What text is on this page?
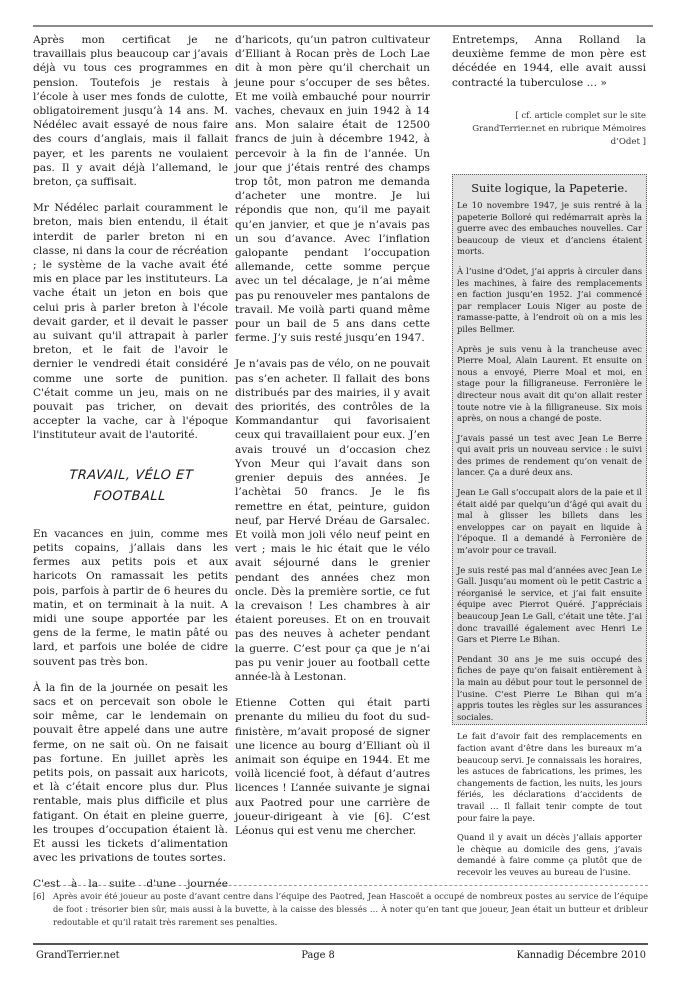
Après mon certificat je ne travaillais plus beaucoup car j’avais déjà vu tous ces programmes en pension. Toutefois je restais à l’école à user mes fonds de culotte, obligatoirement jusqu’à 14 ans. M. Nédélec avait essayé de nous faire des cours d’anglais, mais il fallait payer, et les parents ne voulaient pas. Il y avait déjà l’allemand, le breton, ça suffisait.

Mr Nédélec parlait couramment le breton, mais bien entendu, il était interdit de parler breton ni en classe, ni dans la cour de récréation ; le système de la vache avait été mis en place par les instituteurs. La vache était un jeton en bois que celui pris à parler breton à l'école devait garder, et il devait le passer au suivant qu'il attrapait à parler breton, et le fait de l'avoir le dernier le vendredi était considéré comme une sorte de punition. C'était comme un jeu, mais on ne pouvait pas tricher, on devait accepter la vache, car à l'époque l'instituteur avait de l'autorité.

TRAVAIL, VÉLO ET FOOTBALL

En vacances en juin, comme mes petits copains, j’allais dans les fermes aux petits pois et aux haricots On ramassait les petits pois, parfois à partir de 6 heures du matin, et on terminait à la nuit. A midi une soupe apportée par les gens de la ferme, le matin pâté ou lard, et parfois une bolée de cidre souvent pas très bon.

À la fin de la journée on pesait les sacs et on percevait son obole le soir même, car le lendemain on pouvait être appelé dans une autre ferme, on ne sait où. On ne faisait pas fortune. En juillet après les petits pois, on passait aux haricots, et là c’était encore plus dur. Plus rentable, mais plus difficile et plus fatigant. On était en pleine guerre, les troupes d’occupation étaient là. Et aussi les tickets d’alimentation avec les privations de toutes sortes.

C'est à la suite d'une journée

d’haricots, qu’un patron cultivateur d’Elliant à Rocan près de Loch Lae dit à mon père qu’il cherchait un jeune pour s’occuper de ses bêtes. Et me voilà embauché pour nourrir vaches, chevaux en juin 1942 à 14 ans. Mon salaire était de 12500 francs de juin à décembre 1942, à percevoir à la fin de l’année. Un jour que j’étais rentré des champs trop tôt, mon patron me demanda d’acheter une montre. Je lui répondis que non, qu’il me payait qu’en janvier, et que je n’avais pas un sou d’avance. Avec l’inflation galopante pendant l’occupation allemande, cette somme perçue avec un tel décalage, je n’ai même pas pu renouveler mes pantalons de travail. Me voilà parti quand même pour un bail de 5 ans dans cette ferme. J’y suis resté jusqu’en 1947.

Je n’avais pas de vélo, on ne pouvait pas s’en acheter. Il fallait des bons distribués par des mairies, il y avait des priorités, des contrôles de la Kommandantur qui favorisaient ceux qui travaillaient pour eux. J’en avais trouvé un d’occasion chez Yvon Meur qui l’avait dans son grenier depuis des années. Je l’achètai 50 francs. Je le fis remettre en état, peinture, guidon neuf, par Hervé Dréau de Garsalec. Et voilà mon joli vélo neuf peint en vert ; mais le hic était que le vélo avait séjourné dans le grenier pendant des années chez mon oncle. Dès la première sortie, ce fut la crevaison ! Les chambres à air étaient poreuses. Et on en trouvait pas des neuves à acheter pendant la guerre. C’est pour ça que je n’ai pas pu venir jouer au football cette année-là à Lestonan.

Etienne Cotten qui était parti prenante du milieu du foot du sud-finistère, m’avait proposé de signer une licence au bourg d’Elliant où il animait son équipe en 1944. Et me voilà licencié foot, à défaut d’autres licences ! L’année suivante je signai aux Paotred pour une carrière de joueur-dirigeant à vie [6]. C’est Léonus qui est venu me chercher.

Entretemps, Anna Rolland la deuxième femme de mon père est décédée en 1944, elle avait aussi contracté la tuberculose … »

[ cf. article complet sur le site GrandTerrier.net en rubrique Mémoires d’Odet ]
Suite logique, la Papeterie.

Le 10 novembre 1947, je suis rentré à la papeterie Bolloré qui redémarrait après la guerre avec des embauches nouvelles. Car beaucoup de vieux et d’anciens étaient morts.

À l’usine d’Odet, j’ai appris à circuler dans les machines, à faire des remplacements en faction jusqu’en 1952. J’ai commencé par remplacer Louis Niger au poste de ramasse-patte, à l’endroit où on a mis les piles Bellmer.

Après je suis venu à la trancheuse avec Pierre Moal, Alain Laurent. Et ensuite on nous a envoyé, Pierre Moal et moi, en stage pour la filligraneuse. Ferronière le directeur nous avait dit qu’on allait rester toute notre vie à la filligraneuse. Six mois après, on nous a changé de poste.

J’avais passé un test avec Jean Le Berre qui avait pris un nouveau service : le suivi des primes de rendement qu’on venait de lancer. Ça a duré deux ans.

Jean Le Gall s’occupait alors de la paie et il était aidé par quelqu’un d’âgé qui avait du mal à glisser les billets dans les enveloppes car on payait en liquide à l’époque. Il a demandé à Ferronière de m’avoir pour ce travail.

Je suis resté pas mal d’années avec Jean Le Gall. Jusqu’au moment où le petit Castric a réorganisé le service, et j’ai fait ensuite équipe avec Pierrot Quéré. J’appréciais beaucoup Jean Le Gall, c’était une tête. J’ai donc travaillé également avec Henri Le Gars et Pierre Le Bihan.

Pendant 30 ans je me suis occupé des fiches de paye qu’on faisait entièrement à la main au début pour tout le personnel de l’usine. C’est Pierre Le Bihan qui m’a appris toutes les règles sur les assurances sociales.

Le fait d’avoir fait des remplacements en faction avant d’être dans les bureaux m’a beaucoup servi. Je connaissais les horaires, les astuces de fabrications, les primes, les changements de faction, les nuits, les jours fériés, les déclarations d’accidents de travail … Il fallait tenir compte de tout pour faire la paye.

Quand il y avait un décès j’allais apporter le chèque au domicile des gens, j’avais demandé à faire comme ça plutôt que de recevoir les veuves au bureau de l’usine.

[6] Après avoir été joueur au poste d’avant centre dans l’équipe des Paotred, Jean Hascoët a occupé de nombreux postes au service de l’équipe de foot : trésorier bien sûr, mais aussi à la buvette, à la caisse des blessés … À noter qu’en tant que joueur, Jean était un butteur et dribleur redoutable et qu’il ratait très rarement ses penalties.
GrandTerrier.net	Page 8	Kannadig Décembre 2010
